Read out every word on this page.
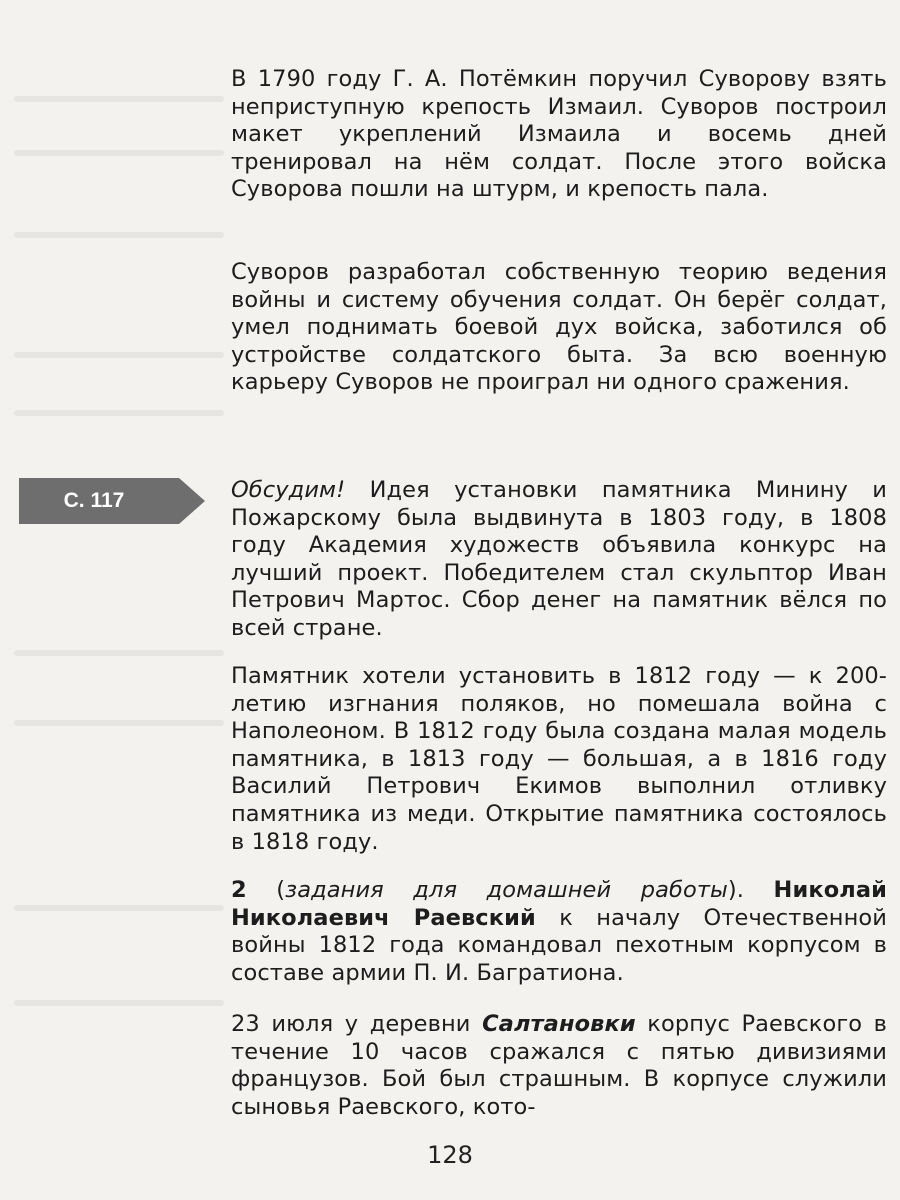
С. 117

В 1790 году Г. А. Потёмкин поручил Суворову взять неприступную крепость Измаил. Суворов построил макет укреплений Измаила и восемь дней тренировал на нём солдат. После этого войска Суворова пошли на штурм, и крепость пала.

Суворов разработал собственную теорию ведения войны и систему обучения солдат. Он берёг солдат, умел поднимать боевой дух войска, заботился об устройстве солдатского быта. За всю военную карьеру Суворов не проиграл ни одного сражения.

Обсудим! Идея установки памятника Минину и Пожарскому была выдвинута в 1803 году, в 1808 году Академия художеств объявила конкурс на лучший проект. Победителем стал скульптор Иван Петрович Мартос. Сбор денег на памятник вёлся по всей стране.

Памятник хотели установить в 1812 году — к 200-летию изгнания поляков, но помешала война с Наполеоном. В 1812 году была создана малая модель памятника, в 1813 году — большая, а в 1816 году Василий Петрович Екимов выполнил отливку памятника из меди. Открытие памятника состоялось в 1818 году.

2 (задания для домашней работы). Николай Николаевич Раевский к началу Отечественной войны 1812 года командовал пехотным корпусом в составе армии П. И. Багратиона.

23 июля у деревни Салтановки корпус Раевского в течение 10 часов сражался с пятью дивизиями французов. Бой был страшным. В корпусе служили сыновья Раевского, кото-

128
